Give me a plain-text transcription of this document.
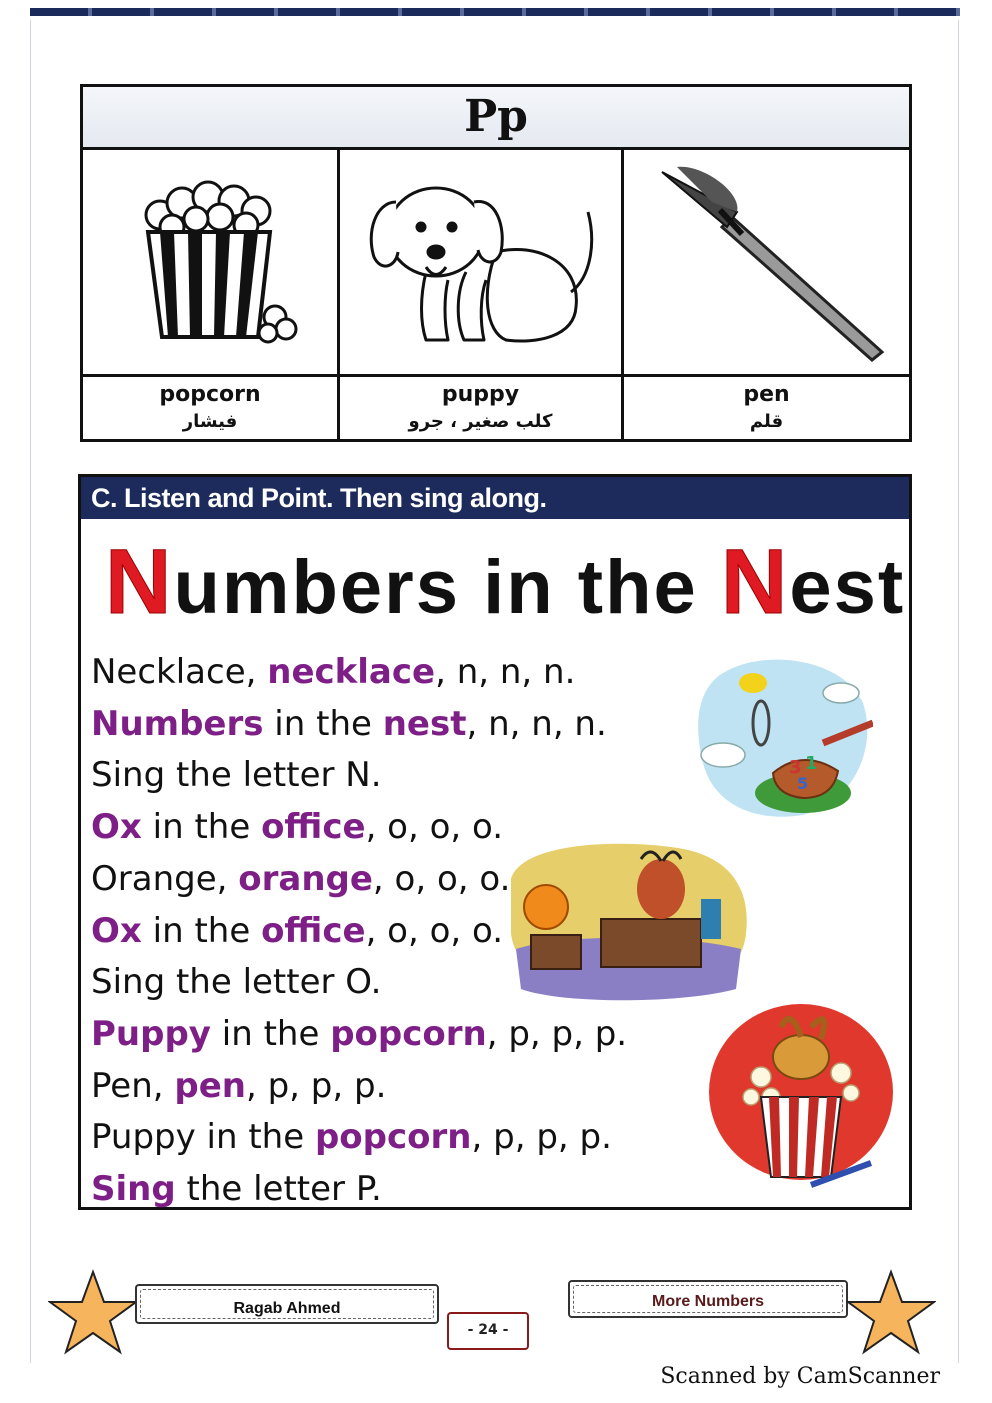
Pp
popcorn
فيشار
puppy
كلب صغير ، جرو
pen
قلم
C. Listen and Point. Then sing along.
Numbers in the Nest
Necklace, necklace, n, n, n.
Numbers in the nest, n, n, n.
Sing the letter N.
Ox in the office, o, o, o.
Orange, orange, o, o, o.
Ox in the office, o, o, o.
Sing the letter O.
Puppy in the popcorn, p, p, p.
Pen, pen, p, p, p.
Puppy in the popcorn, p, p, p.
Sing the letter P.
3 1
5
Ragab Ahmed
- 24 -
More Numbers
Scanned by CamScanner
